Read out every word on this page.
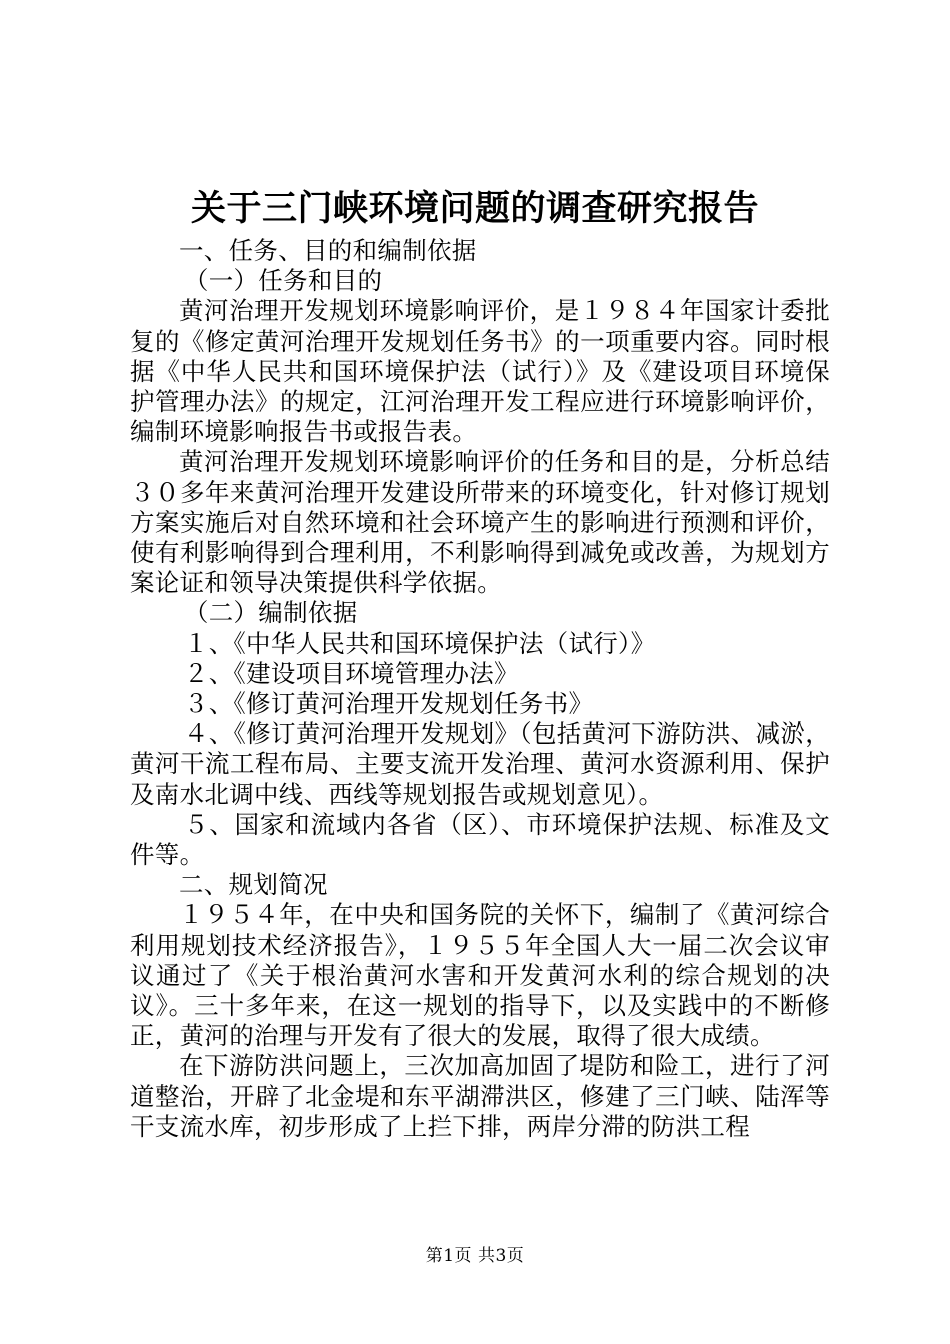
关于三门峡环境问题的调查研究报告

一、任务、目的和编制依据

（一）任务和目的

黄河治理开发规划环境影响评价，是１９８４年国家计委批复的《修定黄河治理开发规划任务书》的一项重要内容。同时根据《中华人民共和国环境保护法（试行）》及《建设项目环境保护管理办法》的规定，江河治理开发工程应进行环境影响评价，编制环境影响报告书或报告表。

黄河治理开发规划环境影响评价的任务和目的是，分析总结３０多年来黄河治理开发建设所带来的环境变化，针对修订规划方案实施后对自然环境和社会环境产生的影响进行预测和评价，使有利影响得到合理利用，不利影响得到减免或改善，为规划方案论证和领导决策提供科学依据。

（二）编制依据

１、《中华人民共和国环境保护法（试行）》

２、《建设项目环境管理办法》

３、《修订黄河治理开发规划任务书》

４、《修订黄河治理开发规划》（包括黄河下游防洪、减淤，黄河干流工程布局、主要支流开发治理、黄河水资源利用、保护及南水北调中线、西线等规划报告或规划意见）。

５、国家和流域内各省（区）、市环境保护法规、标准及文件等。

二、规划简况

１９５４年，在中央和国务院的关怀下，编制了《黄河综合利用规划技术经济报告》，１９５５年全国人大一届二次会议审议通过了《关于根治黄河水害和开发黄河水利的综合规划的决议》。三十多年来，在这一规划的指导下，以及实践中的不断修正，黄河的治理与开发有了很大的发展，取得了很大成绩。

在下游防洪问题上，三次加高加固了堤防和险工，进行了河道整治，开辟了北金堤和东平湖滞洪区，修建了三门峡、陆浑等干支流水库，初步形成了上拦下排，两岸分滞的防洪工程

第1页 共3页
